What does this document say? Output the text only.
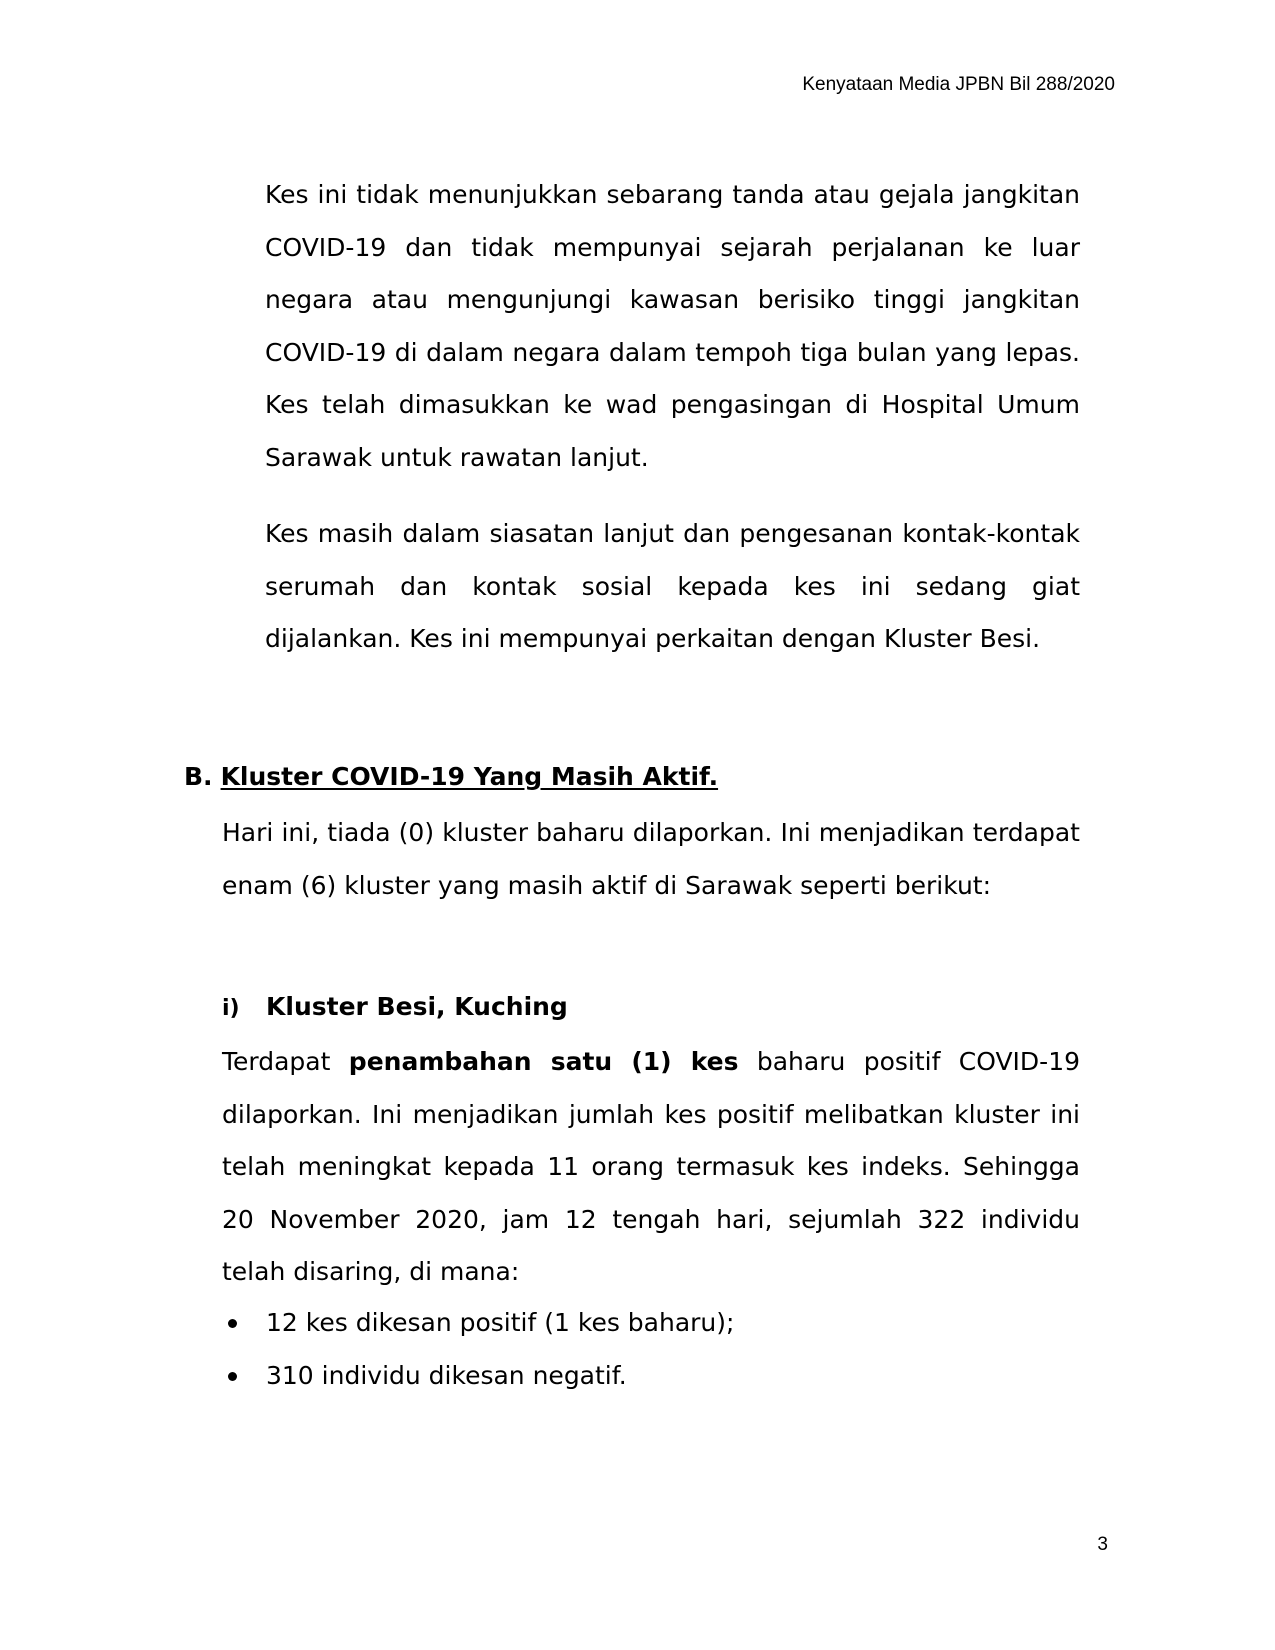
Kenyataan Media JPBN Bil 288/2020

Kes ini tidak menunjukkan sebarang tanda atau gejala jangkitan COVID-19 dan tidak mempunyai sejarah perjalanan ke luar negara atau mengunjungi kawasan berisiko tinggi jangkitan COVID-19 di dalam negara dalam tempoh tiga bulan yang lepas. Kes telah dimasukkan ke wad pengasingan di Hospital Umum Sarawak untuk rawatan lanjut.

Kes masih dalam siasatan lanjut dan pengesanan kontak-kontak serumah dan kontak sosial kepada kes ini sedang giat dijalankan. Kes ini mempunyai perkaitan dengan Kluster Besi.

B. Kluster COVID-19 Yang Masih Aktif.

Hari ini, tiada (0) kluster baharu dilaporkan. Ini menjadikan terdapat enam (6) kluster yang masih aktif di Sarawak seperti berikut:

i) Kluster Besi, Kuching

Terdapat penambahan satu (1) kes baharu positif COVID-19 dilaporkan. Ini menjadikan jumlah kes positif melibatkan kluster ini telah meningkat kepada 11 orang termasuk kes indeks. Sehingga 20 November 2020, jam 12 tengah hari, sejumlah 322 individu telah disaring, di mana:

12 kes dikesan positif (1 kes baharu);
310 individu dikesan negatif.
3
